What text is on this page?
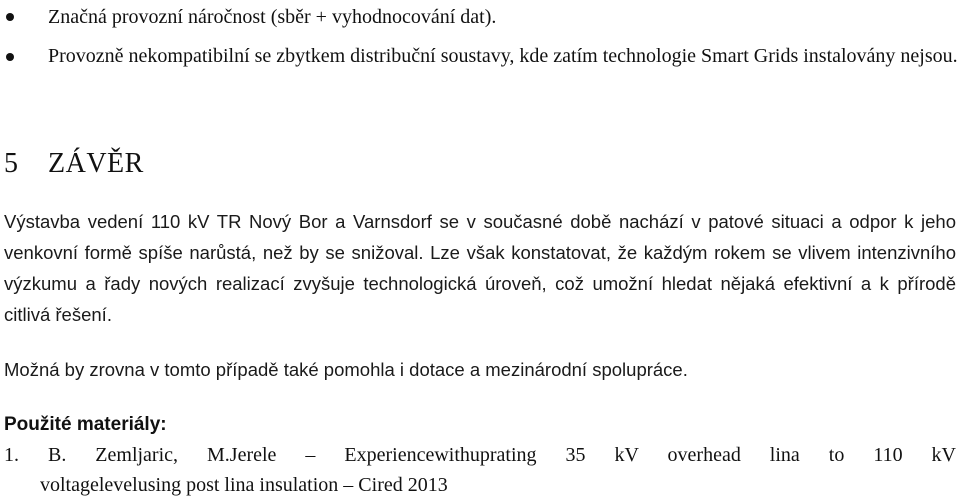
Značná provozní náročnost (sběr + vyhodnocování dat).
Provozně nekompatibilní se zbytkem distribuční soustavy, kde zatím technologie Smart Grids instalovány nejsou.
5 ZÁVĚR
Výstavba vedení 110 kV TR Nový Bor a Varnsdorf se v současné době nachází v patové situaci a odpor k jeho venkovní formě spíše narůstá, než by se snižoval. Lze však konstatovat, že každým rokem se vlivem intenzivního výzkumu a řady nových realizací zvyšuje technologická úroveň, což umožní hledat nějaká efektivní a k přírodě citlivá řešení.
Možná by zrovna v tomto případě také pomohla i dotace a mezinárodní spolupráce.
Použité materiály:
1. B. Zemljaric, M.Jerele – Experiencewithuprating 35 kV overhead lina to 110 kV
voltagelevelusing post lina insulation – Cired 2013
